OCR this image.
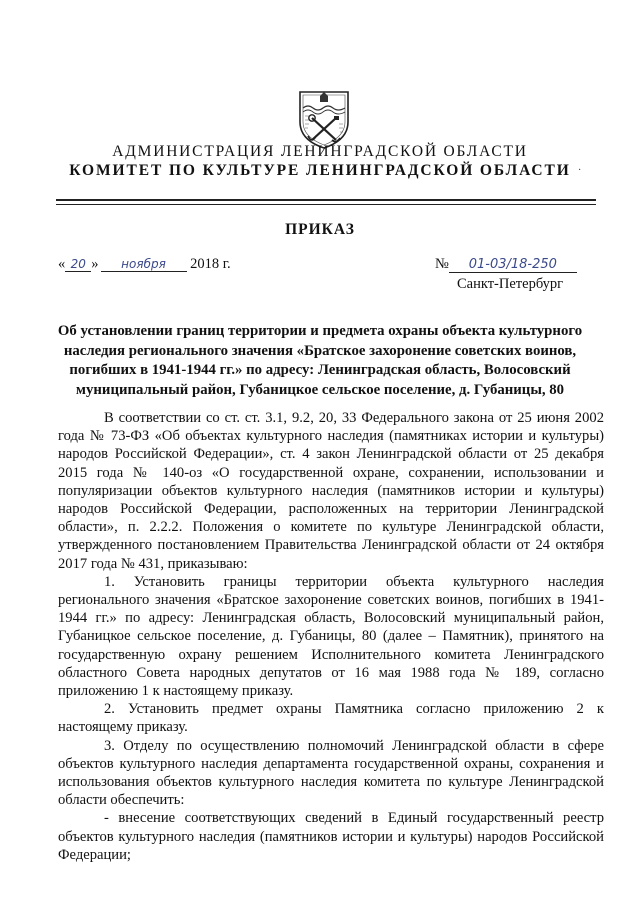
АДМИНИСТРАЦИЯ ЛЕНИНГРАДСКОЙ ОБЛАСТИ
КОМИТЕТ ПО КУЛЬТУРЕ ЛЕНИНГРАДСКОЙ ОБЛАСТИ ·
ПРИКАЗ
« 20 » ноября 2018 г.	№ 01-03/18-250
Санкт-Петербург
Об установлении границ территории и предмета охраны объекта культурного наследия регионального значения «Братское захоронение советских воинов, погибших в 1941-1944 гг.» по адресу: Ленинградская область, Волосовский муниципальный район, Губаницкое сельское поселение, д. Губаницы, 80

В соответствии со ст. ст. 3.1, 9.2, 20, 33 Федерального закона от 25 июня 2002 года № 73-ФЗ «Об объектах культурного наследия (памятниках истории и культуры) народов Российской Федерации», ст. 4 закон Ленинградской области от 25 декабря 2015 года № 140-оз «О государственной охране, сохранении, использовании и популяризации объектов культурного наследия (памятников истории и культуры) народов Российской Федерации, расположенных на территории Ленинградской области», п. 2.2.2. Положения о комитете по культуре Ленинградской области, утвержденного постановлением Правительства Ленинградской области от 24 октября 2017 года № 431, приказываю:

1. Установить границы территории объекта культурного наследия регионального значения «Братское захоронение советских воинов, погибших в 1941-1944 гг.» по адресу: Ленинградская область, Волосовский муниципальный район, Губаницкое сельское поселение, д. Губаницы, 80 (далее – Памятник), принятого на государственную охрану решением Исполнительного комитета Ленинградского областного Совета народных депутатов от 16 мая 1988 года № 189, согласно приложению 1 к настоящему приказу.

2. Установить предмет охраны Памятника согласно приложению 2 к настоящему приказу.

3. Отделу по осуществлению полномочий Ленинградской области в сфере объектов культурного наследия департамента государственной охраны, сохранения и использования объектов культурного наследия комитета по культуре Ленинградской области обеспечить:

- внесение соответствующих сведений в Единый государственный реестр объектов культурного наследия (памятников истории и культуры) народов Российской Федерации;
